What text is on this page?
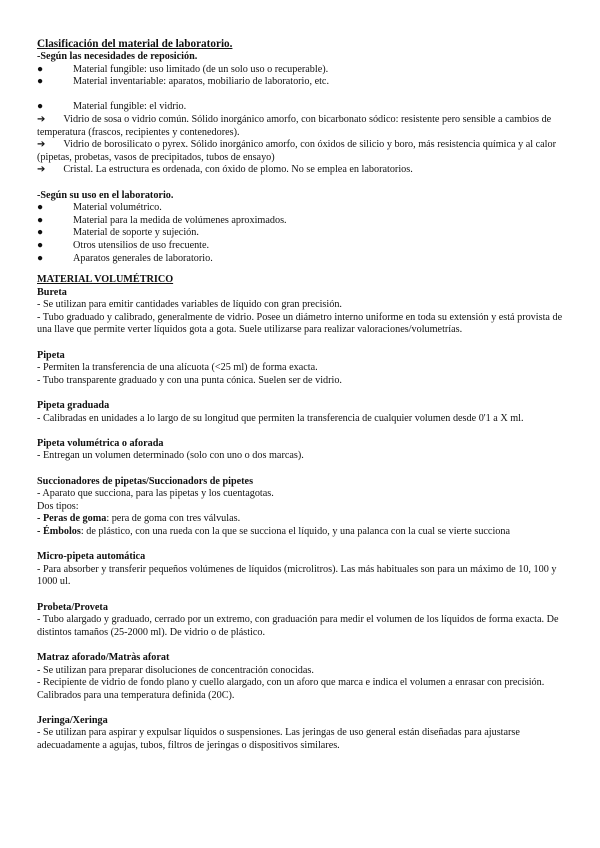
Clasificación del material de laboratorio.

-Según las necesidades de reposición.

●	Material fungible: uso limitado (de un solo uso o recuperable).
●	Material inventariable: aparatos, mobiliario de laboratorio, etc.
●	Material fungible: el vidrio.

➔ Vidrio de sosa o vidrio común. Sólido inorgánico amorfo, con bicarbonato sódico: resistente pero sensible a cambios de temperatura (frascos, recipientes y contenedores).

➔ Vidrio de borosilicato o pyrex. Sólido inorgánico amorfo, con óxidos de silicio y boro, más resistencia química y al calor (pipetas, probetas, vasos de precipitados, tubos de ensayo)

➔ Cristal. La estructura es ordenada, con óxido de plomo. No se emplea en laboratorios.

-Según su uso en el laboratorio.

●	Material volumétrico.
●	Material para la medida de volúmenes aproximados.
●	Material de soporte y sujeción.
●	Otros utensilios de uso frecuente.
●	Aparatos generales de laboratorio.

MATERIAL VOLUMÉTRICO

Bureta

- Se utilizan para emitir cantidades variables de líquido con gran precisión.

- Tubo graduado y calibrado, generalmente de vidrio. Posee un diámetro interno uniforme en toda su extensión y está provista de una llave que permite verter líquidos gota a gota. Suele utilizarse para realizar valoraciones/volumetrías.

Pipeta

- Permiten la transferencia de una alícuota (<25 ml) de forma exacta.

- Tubo transparente graduado y con una punta cónica. Suelen ser de vidrio.

Pipeta graduada

- Calibradas en unidades a lo largo de su longitud que permiten la transferencia de cualquier volumen desde 0'1 a X ml.

Pipeta volumétrica o aforada

- Entregan un volumen determinado (solo con uno o dos marcas).

Succionadores de pipetas/Succionadors de pipetes

- Aparato que succiona, para las pipetas y los cuentagotas.

Dos tipos:

- Peras de goma: pera de goma con tres válvulas.

- Émbolos: de plástico, con una rueda con la que se succiona el líquido, y una palanca con la cual se vierte succiona

Micro-pipeta automática

- Para absorber y transferir pequeños volúmenes de líquidos (microlitros). Las más habituales son para un máximo de 10, 100 y 1000 ul.

Probeta/Proveta

- Tubo alargado y graduado, cerrado por un extremo, con graduación para medir el volumen de los líquidos de forma exacta. De distintos tamaños (25-2000 ml). De vidrio o de plástico.

Matraz aforado/Matràs aforat

- Se utilizan para preparar disoluciones de concentración conocidas.

- Recipiente de vidrio de fondo plano y cuello alargado, con un aforo que marca e indica el volumen a enrasar con precisión. Calibrados para una temperatura definida (20C).

Jeringa/Xeringa

- Se utilizan para aspirar y expulsar líquidos o suspensiones. Las jeringas de uso general están diseñadas para ajustarse adecuadamente a agujas, tubos, filtros de jeringas o dispositivos similares.
